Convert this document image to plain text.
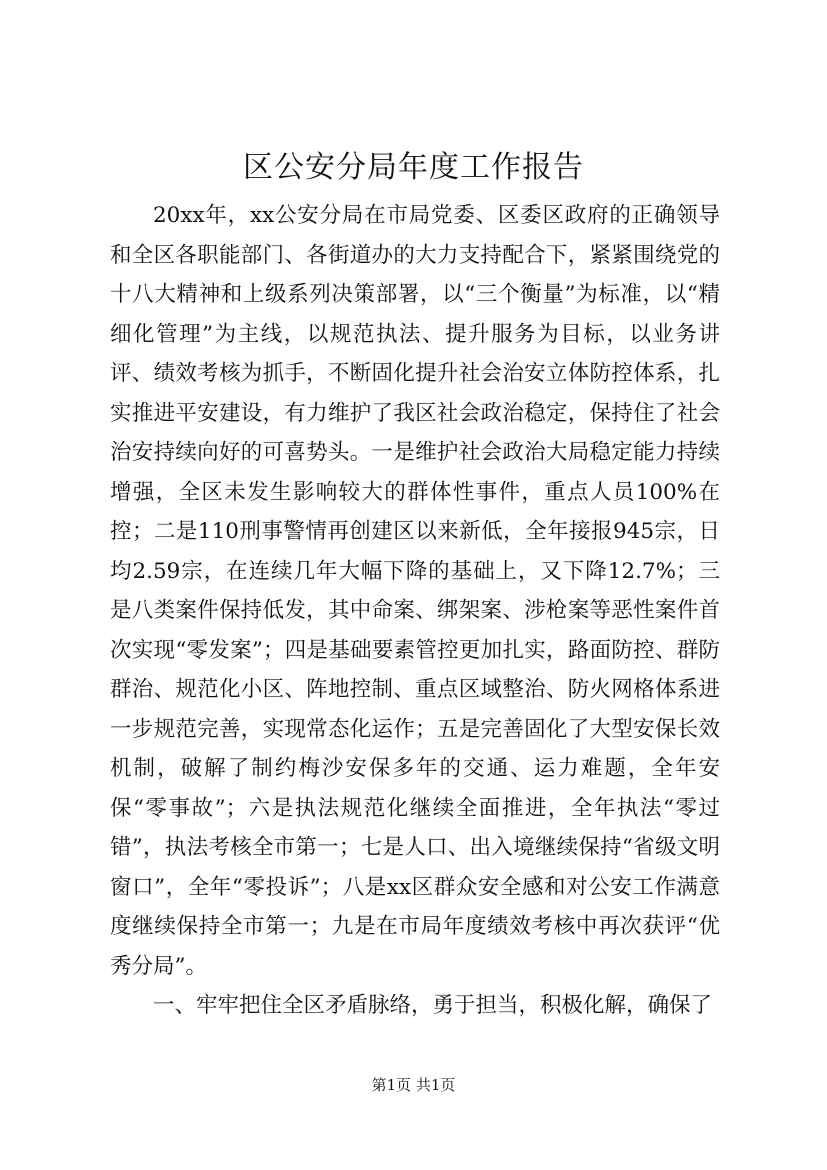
区公安分局年度工作报告

20xx年，xx公安分局在市局党委、区委区政府的正确领导和全区各职能部门、各街道办的大力支持配合下，紧紧围绕党的十八大精神和上级系列决策部署，以“三个衡量”为标准，以“精细化管理”为主线，以规范执法、提升服务为目标，以业务讲评、绩效考核为抓手，不断固化提升社会治安立体防控体系，扎实推进平安建设，有力维护了我区社会政治稳定，保持住了社会治安持续向好的可喜势头。一是维护社会政治大局稳定能力持续增强，全区未发生影响较大的群体性事件，重点人员100%在控；二是110刑事警情再创建区以来新低，全年接报945宗，日均2.59宗，在连续几年大幅下降的基础上，又下降12.7%；三是八类案件保持低发，其中命案、绑架案、涉枪案等恶性案件首次实现“零发案”；四是基础要素管控更加扎实，路面防控、群防群治、规范化小区、阵地控制、重点区域整治、防火网格体系进一步规范完善，实现常态化运作；五是完善固化了大型安保长效机制，破解了制约梅沙安保多年的交通、运力难题，全年安保“零事故”；六是执法规范化继续全面推进，全年执法“零过错”，执法考核全市第一；七是人口、出入境继续保持“省级文明窗口”，全年“零投诉”；八是xx区群众安全感和对公安工作满意度继续保持全市第一；九是在市局年度绩效考核中再次获评“优秀分局”。

一、牢牢把住全区矛盾脉络，勇于担当，积极化解，确保了

第1页 共1页
